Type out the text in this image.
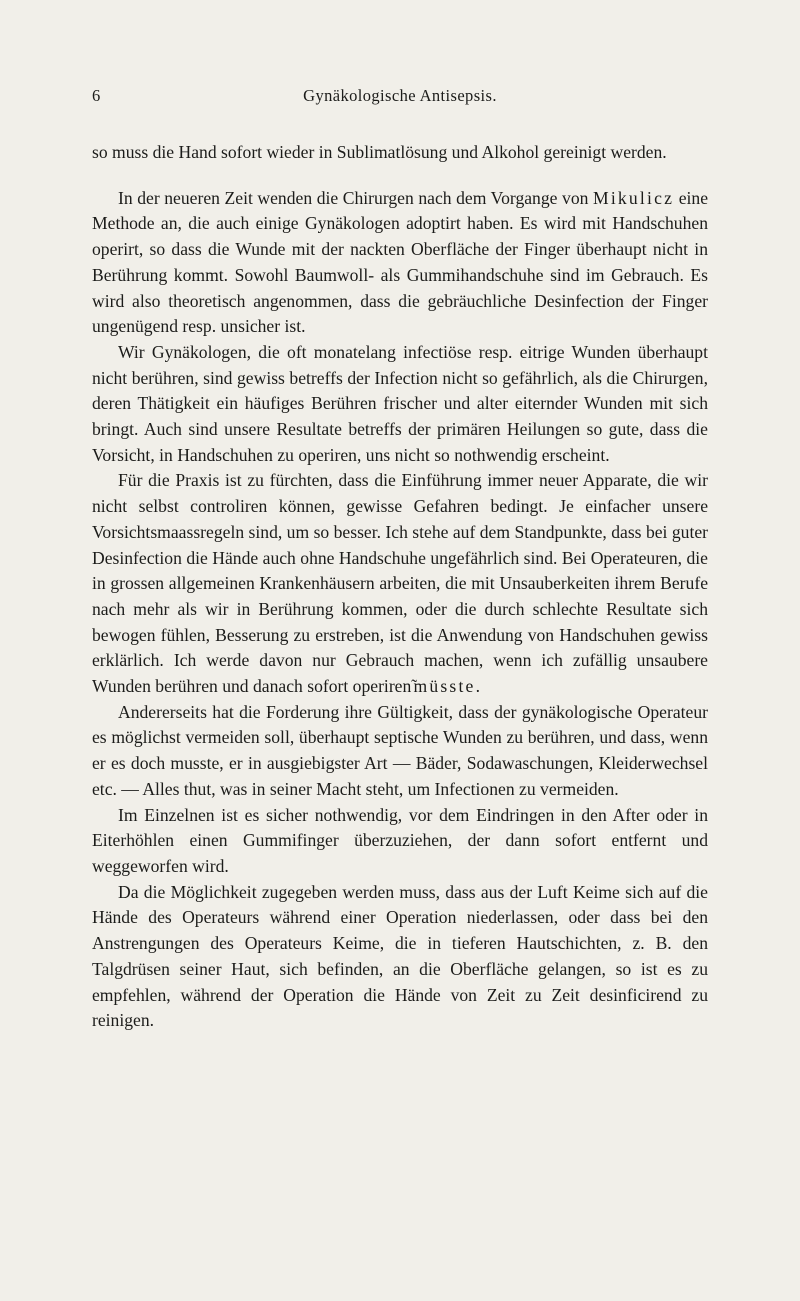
6	Gynäkologische Antisepsis.

so muss die Hand sofort wieder in Sublimatlösung und Alkohol gereinigt werden.

In der neueren Zeit wenden die Chirurgen nach dem Vorgange von Mikulicz eine Methode an, die auch einige Gynäkologen adoptirt haben. Es wird mit Handschuhen operirt, so dass die Wunde mit der nackten Oberfläche der Finger überhaupt nicht in Berührung kommt. Sowohl Baumwoll- als Gummihandschuhe sind im Gebrauch. Es wird also theoretisch angenommen, dass die gebräuchliche Desinfection der Finger ungenügend resp. unsicher ist.

Wir Gynäkologen, die oft monatelang infectiöse resp. eitrige Wunden überhaupt nicht berühren, sind gewiss betreffs der Infection nicht so gefährlich, als die Chirurgen, deren Thätigkeit ein häufiges Berühren frischer und alter eiternder Wunden mit sich bringt. Auch sind unsere Resultate betreffs der primären Heilungen so gute, dass die Vorsicht, in Handschuhen zu operiren, uns nicht so nothwendig erscheint.

Für die Praxis ist zu fürchten, dass die Einführung immer neuer Apparate, die wir nicht selbst controliren können, gewisse Gefahren bedingt. Je einfacher unsere Vorsichtsmaassregeln sind, um so besser. Ich stehe auf dem Standpunkte, dass bei guter Desinfection die Hände auch ohne Handschuhe ungefährlich sind. Bei Operateuren, die in grossen allgemeinen Krankenhäusern arbeiten, die mit Unsauberkeiten ihrem Berufe nach mehr als wir in Berührung kommen, oder die durch schlechte Resultate sich bewogen fühlen, Besserung zu erstreben, ist die Anwendung von Handschuhen gewiss erklärlich. Ich werde davon nur Gebrauch machen, wenn ich zufällig unsaubere Wunden berühren und danach sofort operireñmüsste.

Andererseits hat die Forderung ihre Gültigkeit, dass der gynäkologische Operateur es möglichst vermeiden soll, überhaupt septische Wunden zu berühren, und dass, wenn er es doch musste, er in ausgiebigster Art — Bäder, Sodawaschungen, Kleiderwechsel etc. — Alles thut, was in seiner Macht steht, um Infectionen zu vermeiden.

Im Einzelnen ist es sicher nothwendig, vor dem Eindringen in den After oder in Eiterhöhlen einen Gummifinger überzuziehen, der dann sofort entfernt und weggeworfen wird.

Da die Möglichkeit zugegeben werden muss, dass aus der Luft Keime sich auf die Hände des Operateurs während einer Operation niederlassen, oder dass bei den Anstrengungen des Operateurs Keime, die in tieferen Hautschichten, z. B. den Talgdrüsen seiner Haut, sich befinden, an die Oberfläche gelangen, so ist es zu empfehlen, während der Operation die Hände von Zeit zu Zeit desinficirend zu reinigen.
